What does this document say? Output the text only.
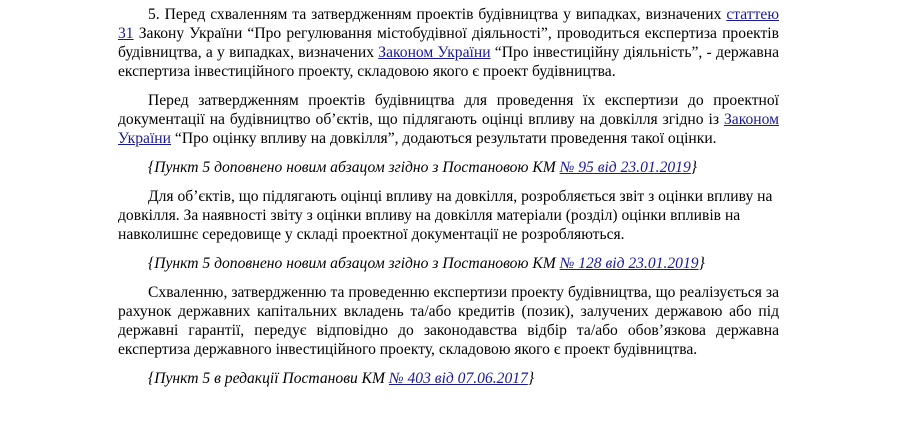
5. Перед схваленням та затвердженням проектів будівництва у випадках, визначених статтею 31 Закону України “Про регулювання містобудівної діяльності”, проводиться експертиза проектів будівництва, а у випадках, визначених Законом України “Про інвестиційну діяльність”, - державна експертиза інвестиційного проекту, складовою якого є проект будівництва.

Перед затвердженням проектів будівництва для проведення їх експертизи до проектної документації на будівництво об’єктів, що підлягають оцінці впливу на довкілля згідно із Законом України “Про оцінку впливу на довкілля”, додаються результати проведення такої оцінки.

{Пункт 5 доповнено новим абзацом згідно з Постановою КМ № 95 від 23.01.2019}

Для об’єктів, що підлягають оцінці впливу на довкілля, розробляється звіт з оцінки впливу на довкілля. За наявності звіту з оцінки впливу на довкілля матеріали (розділ) оцінки впливів на навколишнє середовище у складі проектної документації не розробляються.

{Пункт 5 доповнено новим абзацом згідно з Постановою КМ № 128 від 23.01.2019}

Схваленню, затвердженню та проведенню експертизи проекту будівництва, що реалізується за рахунок державних капітальних вкладень та/або кредитів (позик), залучених державою або під державні гарантії, передує відповідно до законодавства відбір та/або обов’язкова державна експертиза державного інвестиційного проекту, складовою якого є проект будівництва.

{Пункт 5 в редакції Постанови КМ № 403 від 07.06.2017}
